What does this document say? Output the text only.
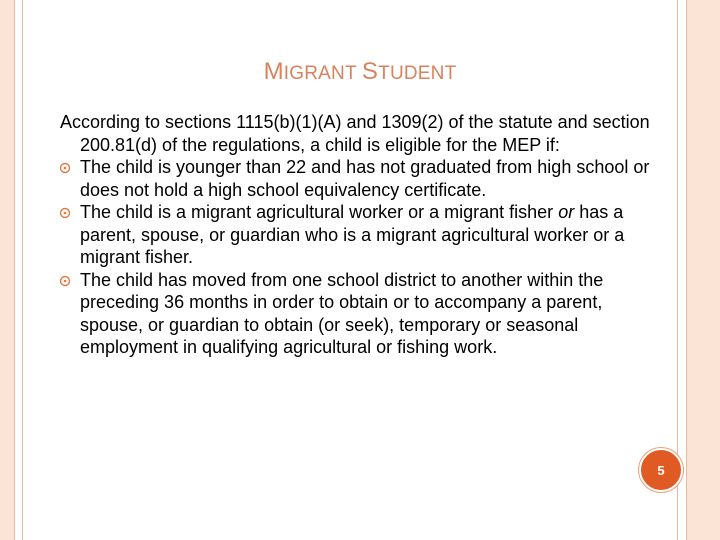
MIGRANT STUDENT

According to sections 1115(b)(1)(A) and 1309(2) of the statute and section 200.81(d) of the regulations, a child is eligible for the MEP if:

The child is younger than 22 and has not graduated from high school or does not hold a high school equivalency certificate.
The child is a migrant agricultural worker or a migrant fisher or has a parent, spouse, or guardian who is a migrant agricultural worker or a migrant fisher.
The child has moved from one school district to another within the preceding 36 months in order to obtain or to accompany a parent, spouse, or guardian to obtain (or seek), temporary or seasonal employment in qualifying agricultural or fishing work.
5
